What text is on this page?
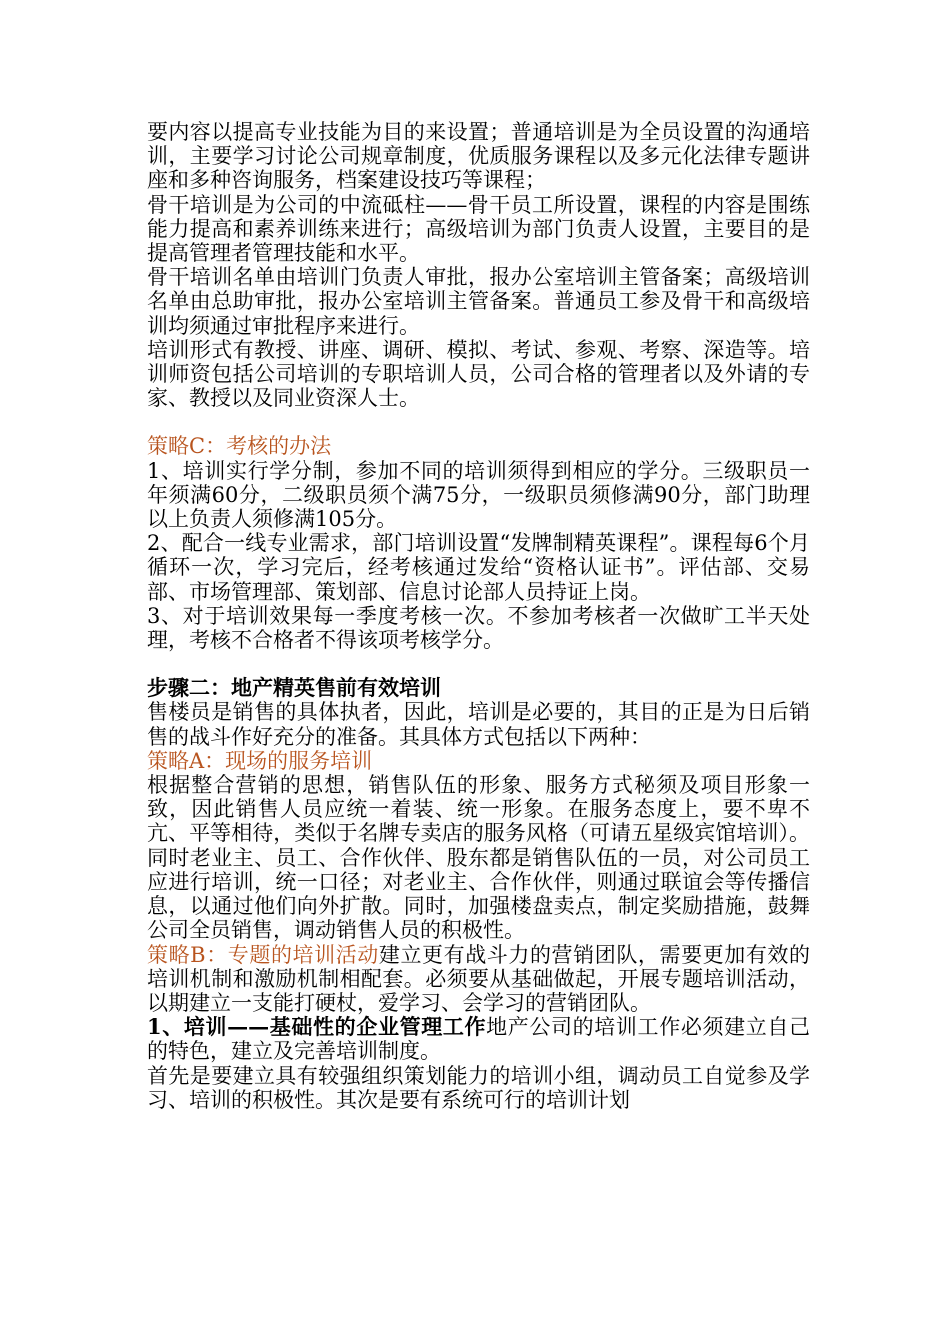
要内容以提高专业技能为目的来设置；普通培训是为全员设置的沟通培训，主要学习讨论公司规章制度，优质服务课程以及多元化法律专题讲座和多种咨询服务，档案建设技巧等课程；

骨干培训是为公司的中流砥柱——骨干员工所设置，课程的内容是围练能力提高和素养训练来进行；高级培训为部门负责人设置，主要目的是提高管理者管理技能和水平。

骨干培训名单由培训门负责人审批，报办公室培训主管备案；高级培训名单由总助审批，报办公室培训主管备案。普通员工参及骨干和高级培训均须通过审批程序来进行。

培训形式有教授、讲座、调研、模拟、考试、参观、考察、深造等。培训师资包括公司培训的专职培训人员，公司合格的管理者以及外请的专家、教授以及同业资深人士。

策略C：考核的办法

1、培训实行学分制，参加不同的培训须得到相应的学分。三级职员一年须满60分，二级职员须个满75分，一级职员须修满90分，部门助理以上负责人须修满105分。

2、配合一线专业需求，部门培训设置“发牌制精英课程”。课程每6个月循环一次，学习完后，经考核通过发给“资格认证书”。评估部、交易部、市场管理部、策划部、信息讨论部人员持证上岗。

3、对于培训效果每一季度考核一次。不参加考核者一次做旷工半天处理，考核不合格者不得该项考核学分。

步骤二：地产精英售前有效培训

售楼员是销售的具体执者，因此，培训是必要的，其目的正是为日后销售的战斗作好充分的准备。其具体方式包括以下两种：

策略A：现场的服务培训

根据整合营销的思想，销售队伍的形象、服务方式秘须及项目形象一致，因此销售人员应统一着装、统一形象。在服务态度上，要不卑不亢、平等相待，类似于名牌专卖店的服务风格（可请五星级宾馆培训）。同时老业主、员工、合作伙伴、股东都是销售队伍的一员，对公司员工应进行培训，统一口径；对老业主、合作伙伴，则通过联谊会等传播信息，以通过他们向外扩散。同时，加强楼盘卖点，制定奖励措施，鼓舞公司全员销售，调动销售人员的积极性。

策略B：专题的培训活动建立更有战斗力的营销团队，需要更加有效的培训机制和激励机制相配套。必须要从基础做起，开展专题培训活动，以期建立一支能打硬杖，爱学习、会学习的营销团队。

1、培训——基础性的企业管理工作地产公司的培训工作必须建立自己的特色，建立及完善培训制度。

首先是要建立具有较强组织策划能力的培训小组，调动员工自觉参及学习、培训的积极性。其次是要有系统可行的培训计划
